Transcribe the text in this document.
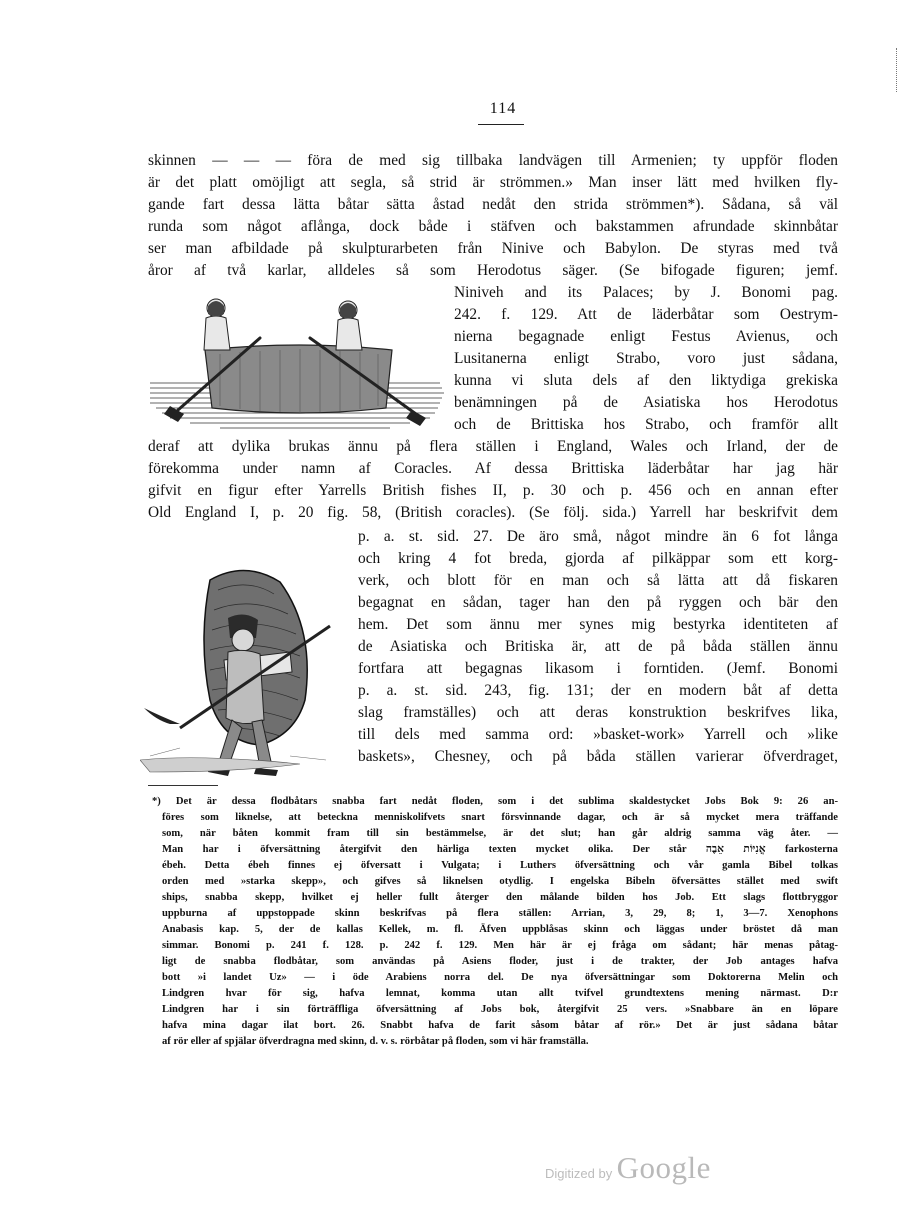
114
skinnen — — — föra de med sig tillbaka landvägen till Armenien; ty uppför floden
är det platt omöjligt att segla, så strid är strömmen.» Man inser lätt med hvilken fly-
gande fart dessa lätta båtar sätta åstad nedåt den strida strömmen*). Sådana, så väl
runda som något aflånga, dock både i stäfven och bakstammen afrundade skinnbåtar
ser man afbildade på skulpturarbeten från Ninive och Babylon. De styras med två
åror af två karlar, alldeles så som Herodotus säger. (Se bifogade figuren; jemf.
Niniveh and its Palaces; by J. Bonomi pag.
242. f. 129. Att de läderbåtar som Oestrym-
nierna begagnade enligt Festus Avienus, och
Lusitanerna enligt Strabo, voro just sådana,
kunna vi sluta dels af den liktydiga grekiska
benämningen på de Asiatiska hos Herodotus
och de Brittiska hos Strabo, och framför allt
deraf att dylika brukas ännu på flera ställen i England, Wales och Irland, der de
förekomma under namn af Coracles. Af dessa Brittiska läderbåtar har jag här
gifvit en figur efter Yarrells British fishes II, p. 30 och p. 456 och en annan efter
Old England I, p. 20 fig. 58, (British coracles). (Se följ. sida.) Yarrell har beskrifvit dem
p. a. st. sid. 27. De äro små, något mindre än 6 fot långa
och kring 4 fot breda, gjorda af pilkäppar som ett korg-
verk, och blott för en man och så lätta att då fiskaren
begagnat en sådan, tager han den på ryggen och bär den
hem. Det som ännu mer synes mig bestyrka identiteten af
de Asiatiska och Britiska är, att de på båda ställen ännu
fortfara att begagnas likasom i forntiden. (Jemf. Bonomi
p. a. st. sid. 243, fig. 131; der en modern båt af detta
slag framställes) och att deras konstruktion beskrifves lika,
till dels med samma ord: »basket-work» Yarrell och »like
baskets», Chesney, och på båda ställen varierar öfverdraget,
*) Det är dessa flodbåtars snabba fart nedåt floden, som i det sublima skaldestycket Jobs Bok 9: 26 an-
föres som liknelse, att beteckna menniskolifvets snart försvinnande dagar, och är så mycket mera träffande
som, när båten kommit fram till sin bestämmelse, är det slut; han går aldrig samma väg åter. —
Man har i öfversättning återgifvit den härliga texten mycket olika. Der står אֳנִיּוֹת אֵבֶה farkosterna
ébeh. Detta ébeh finnes ej öfversatt i Vulgata; i Luthers öfversättning och vår gamla Bibel tolkas
orden med »starka skepp», och gifves så liknelsen otydlig. I engelska Bibeln öfversättes stället med swift
ships, snabba skepp, hvilket ej heller fullt återger den målande bilden hos Job. Ett slags flottbryggor
uppburna af uppstoppade skinn beskrifvas på flera ställen: Arrian, 3, 29, 8; 1, 3—7. Xenophons
Anabasis kap. 5, der de kallas Kellek, m. fl. Äfven uppblåsas skinn och läggas under bröstet då man
simmar. Bonomi p. 241 f. 128. p. 242 f. 129. Men här är ej fråga om sådant; här menas påtag-
ligt de snabba flodbåtar, som användas på Asiens floder, just i de trakter, der Job antages hafva
bott »i landet Uz» — i öde Arabiens norra del. De nya öfversättningar som Doktorerna Melin och
Lindgren hvar för sig, hafva lemnat, komma utan allt tvifvel grundtextens mening närmast. D:r
Lindgren har i sin förträffliga öfversättning af Jobs bok, återgifvit 25 vers. »Snabbare än en löpare
hafva mina dagar ilat bort. 26. Snabbt hafva de farit såsom båtar af rör.» Det är just sådana båtar
af rör eller af spjälar öfverdragna med skinn, d. v. s. rörbåtar på floden, som vi här framställa.
Digitized by Google
